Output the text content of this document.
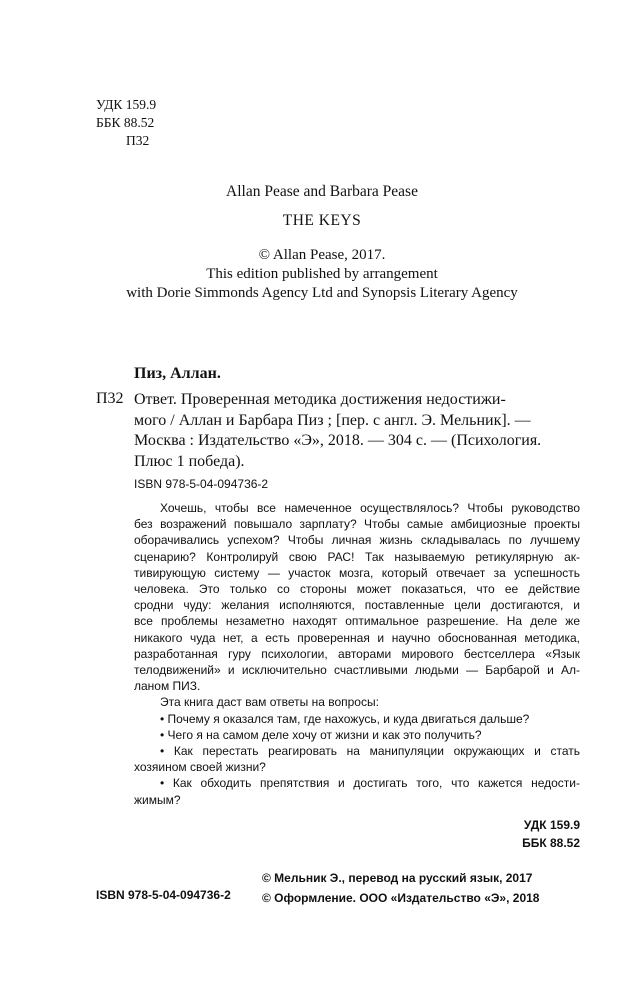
УДК 159.9
ББК 88.52
П32
Allan Pease and Barbara Pease
THE KEYS
© Allan Pease, 2017.
This edition published by arrangement
with Dorie Simmonds Agency Ltd and Synopsis Literary Agency
Пиз, Аллан.
П32 Ответ. Проверенная методика достижения недостижи-
мого / Аллан и Барбара Пиз ; [пер. с англ. Э. Мельник]. —
Москва : Издательство «Э», 2018. — 304 с. — (Психология.
Плюс 1 победа).
ISBN 978-5-04-094736-2
Хочешь, чтобы все намеченное осуществлялось? Чтобы руководство
без возражений повышало зарплату? Чтобы самые амбициозные проекты
оборачивались успехом? Чтобы личная жизнь складывалась по лучшему
сценарию? Контролируй свою РАС! Так называемую ретикулярную ак-
тивирующую систему — участок мозга, который отвечает за успешность
человека. Это только со стороны может показаться, что ее действие
сродни чуду: желания исполняются, поставленные цели достигаются, и
все проблемы незаметно находят оптимальное разрешение. На деле же
никакого чуда нет, а есть проверенная и научно обоснованная методика,
разработанная гуру психологии, авторами мирового бестселлера «Язык
телодвижений» и исключительно счастливыми людьми — Барбарой и Ал-
ланом ПИЗ.
Эта книга даст вам ответы на вопросы:
• Почему я оказался там, где нахожусь, и куда двигаться дальше?
• Чего я на самом деле хочу от жизни и как это получить?
• Как перестать реагировать на манипуляции окружающих и стать
хозяином своей жизни?
• Как обходить препятствия и достигать того, что кажется недости-
жимым?
УДК 159.9
ББК 88.52
© Мельник Э., перевод на русский язык, 2017
© Оформление. ООО «Издательство «Э», 2018
ISBN 978-5-04-094736-2
